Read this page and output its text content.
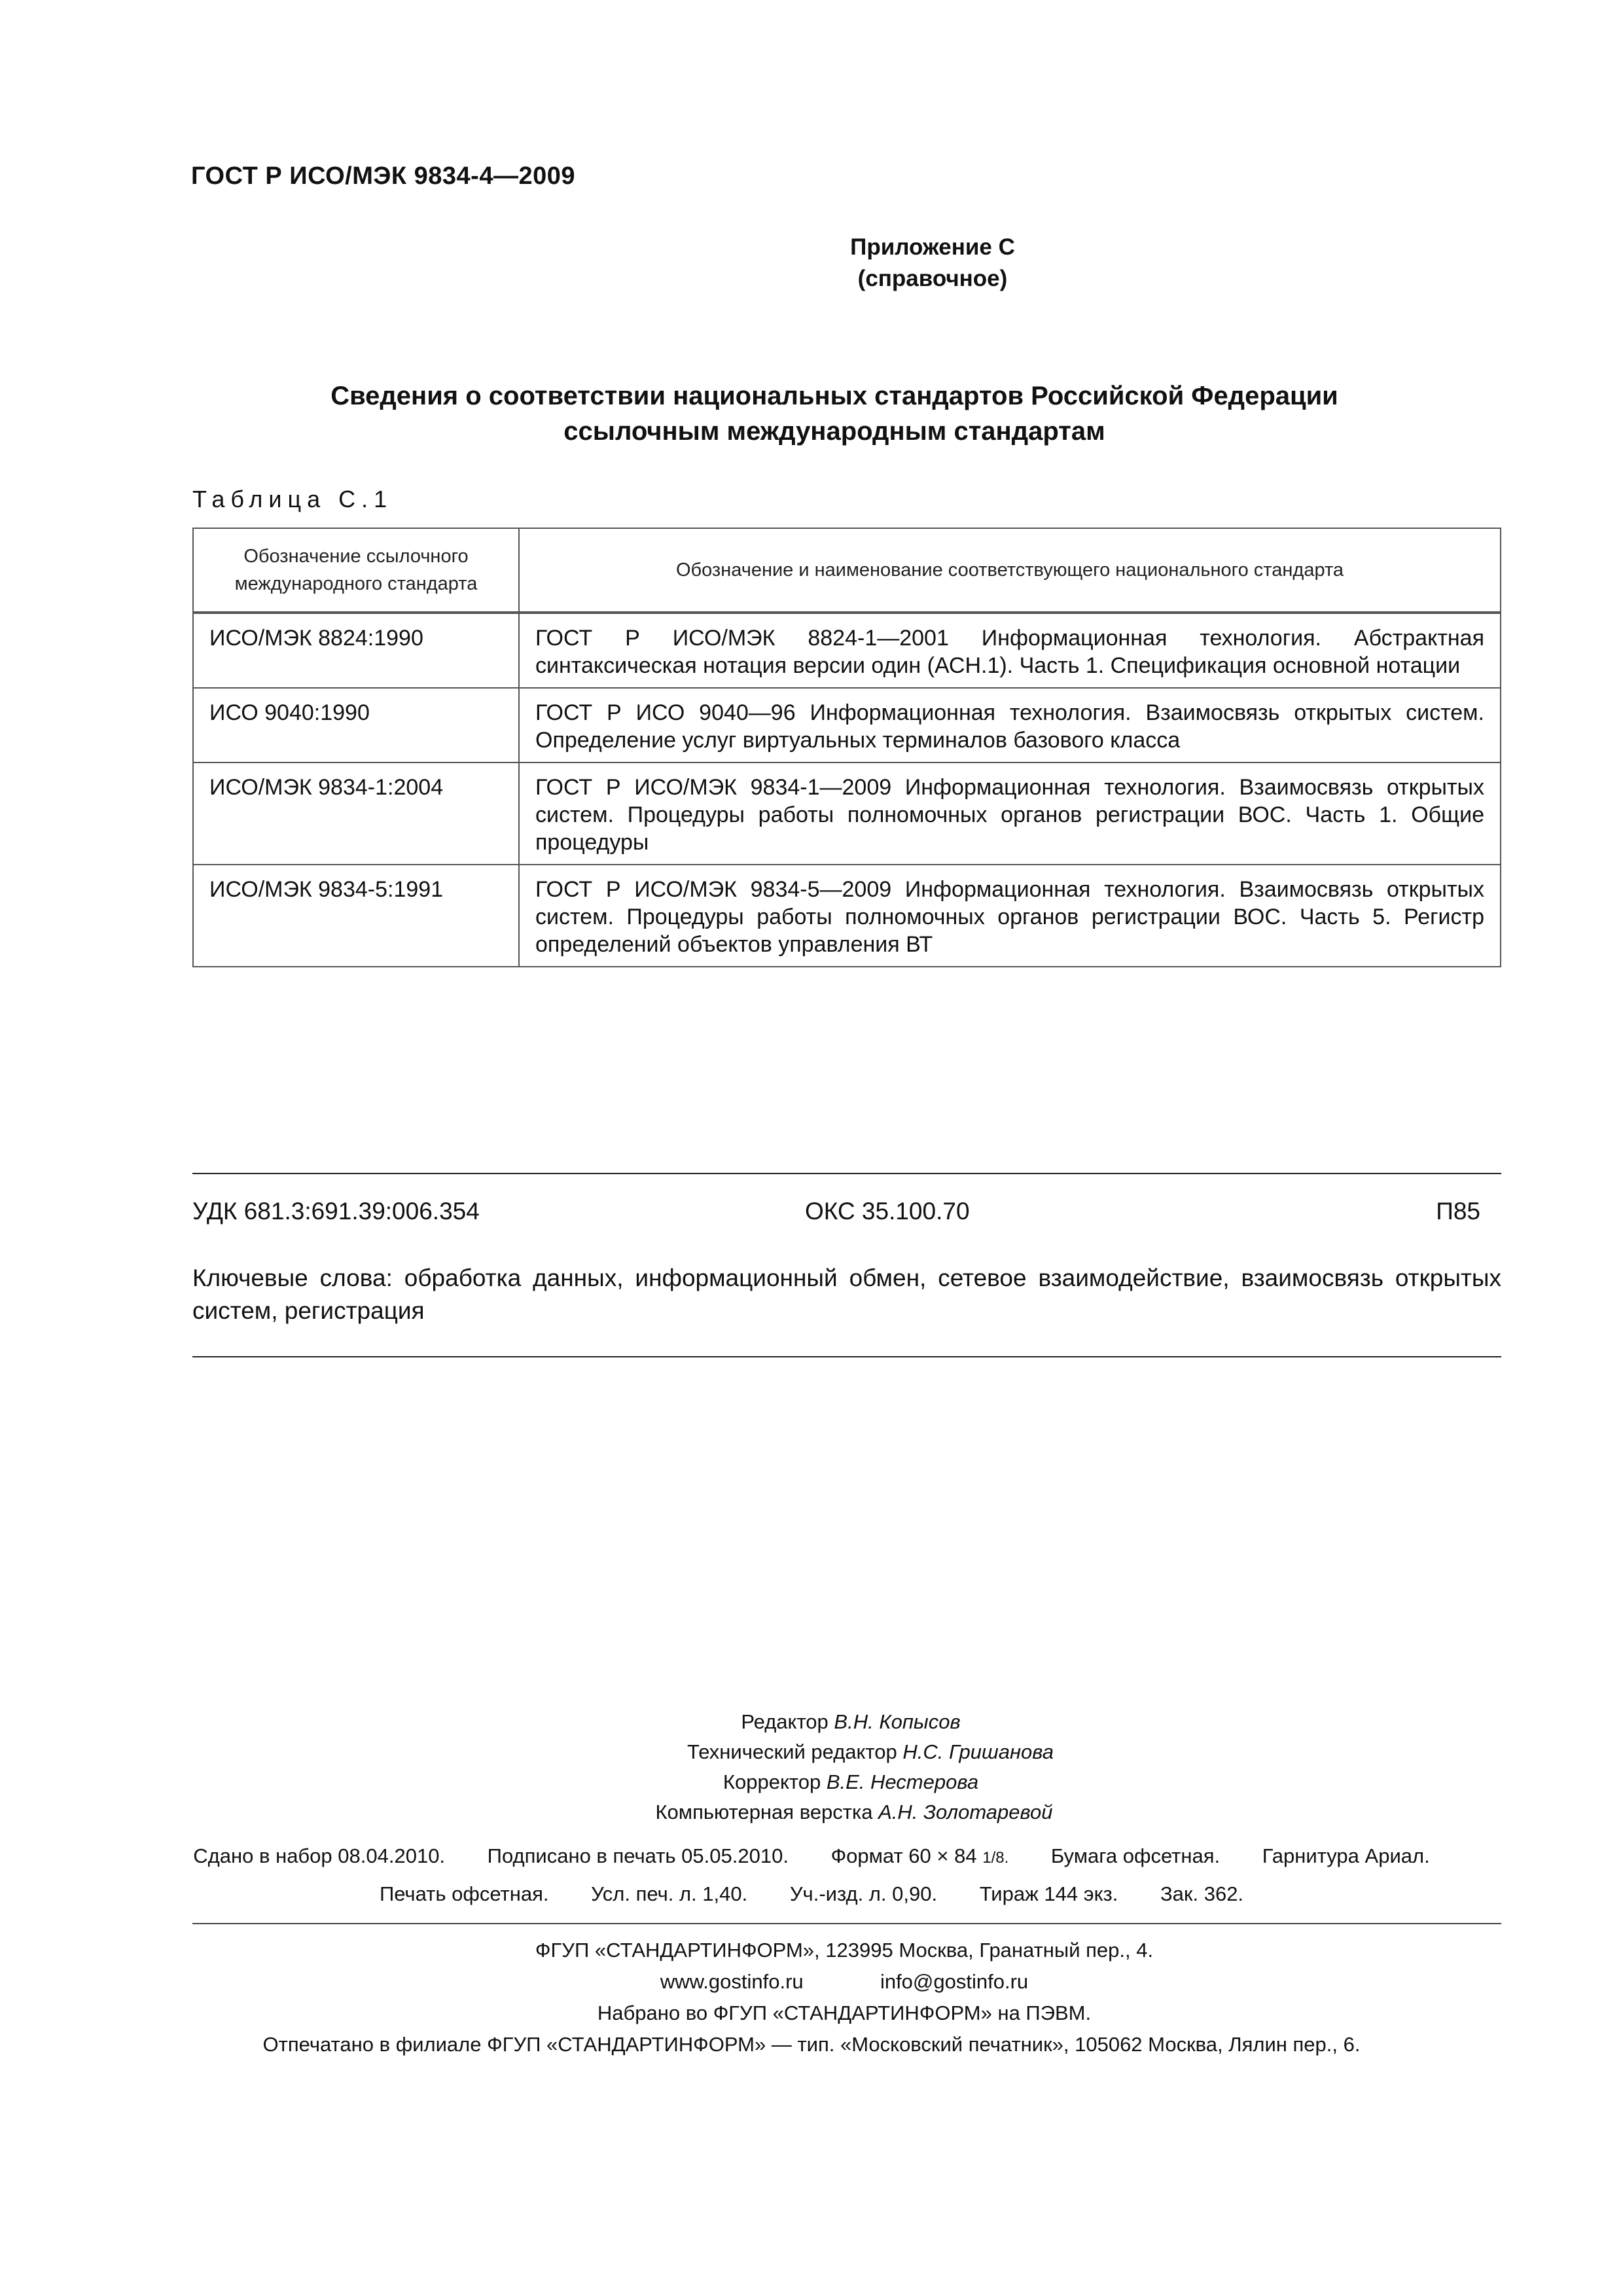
ГОСТ Р ИСО/МЭК 9834-4—2009
Приложение С
(справочное)
Сведения о соответствии национальных стандартов Российской Федерации
ссылочным международным стандартам
Таблица С.1
Обозначение ссылочного международного стандарта	Обозначение и наименование соответствующего национального стандарта
ИСО/МЭК 8824:1990	ГОСТ Р ИСО/МЭК 8824-1—2001 Информационная технология. Абстрактная синтаксическая нотация версии один (АСН.1). Часть 1. Спецификация основной нотации
ИСО 9040:1990	ГОСТ Р ИСО 9040—96 Информационная технология. Взаимосвязь открытых систем. Определение услуг виртуальных терминалов базового класса
ИСО/МЭК 9834-1:2004	ГОСТ Р ИСО/МЭК 9834-1—2009 Информационная технология. Взаимосвязь открытых систем. Процедуры работы полномочных органов регистрации ВОС. Часть 1. Общие процедуры
ИСО/МЭК 9834-5:1991	ГОСТ Р ИСО/МЭК 9834-5—2009 Информационная технология. Взаимосвязь открытых систем. Процедуры работы полномочных органов регистрации ВОС. Часть 5. Регистр определений объектов управления ВТ
УДК 681.3:691.39:006.354	ОКС 35.100.70	П85
Ключевые слова: обработка данных, информационный обмен, сетевое взаимодействие, взаимосвязь открытых систем, регистрация
Редактор В.Н. Копысов
Технический редактор Н.С. Гришанова
Корректор В.Е. Нестерова
Компьютерная верстка А.Н. Золотаревой
Сдано в набор 08.04.2010. Подписано в печать 05.05.2010. Формат 60 × 84 1/8. Бумага офсетная. Гарнитура Ариал.
Печать офсетная. Усл. печ. л. 1,40. Уч.-изд. л. 0,90. Тираж 144 экз. Зак. 362.
ФГУП «СТАНДАРТИНФОРМ», 123995 Москва, Гранатный пер., 4.
www.gostinfo.ru	info@gostinfo.ru
Набрано во ФГУП «СТАНДАРТИНФОРМ» на ПЭВМ.
Отпечатано в филиале ФГУП «СТАНДАРТИНФОРМ» — тип. «Московский печатник», 105062 Москва, Лялин пер., 6.
